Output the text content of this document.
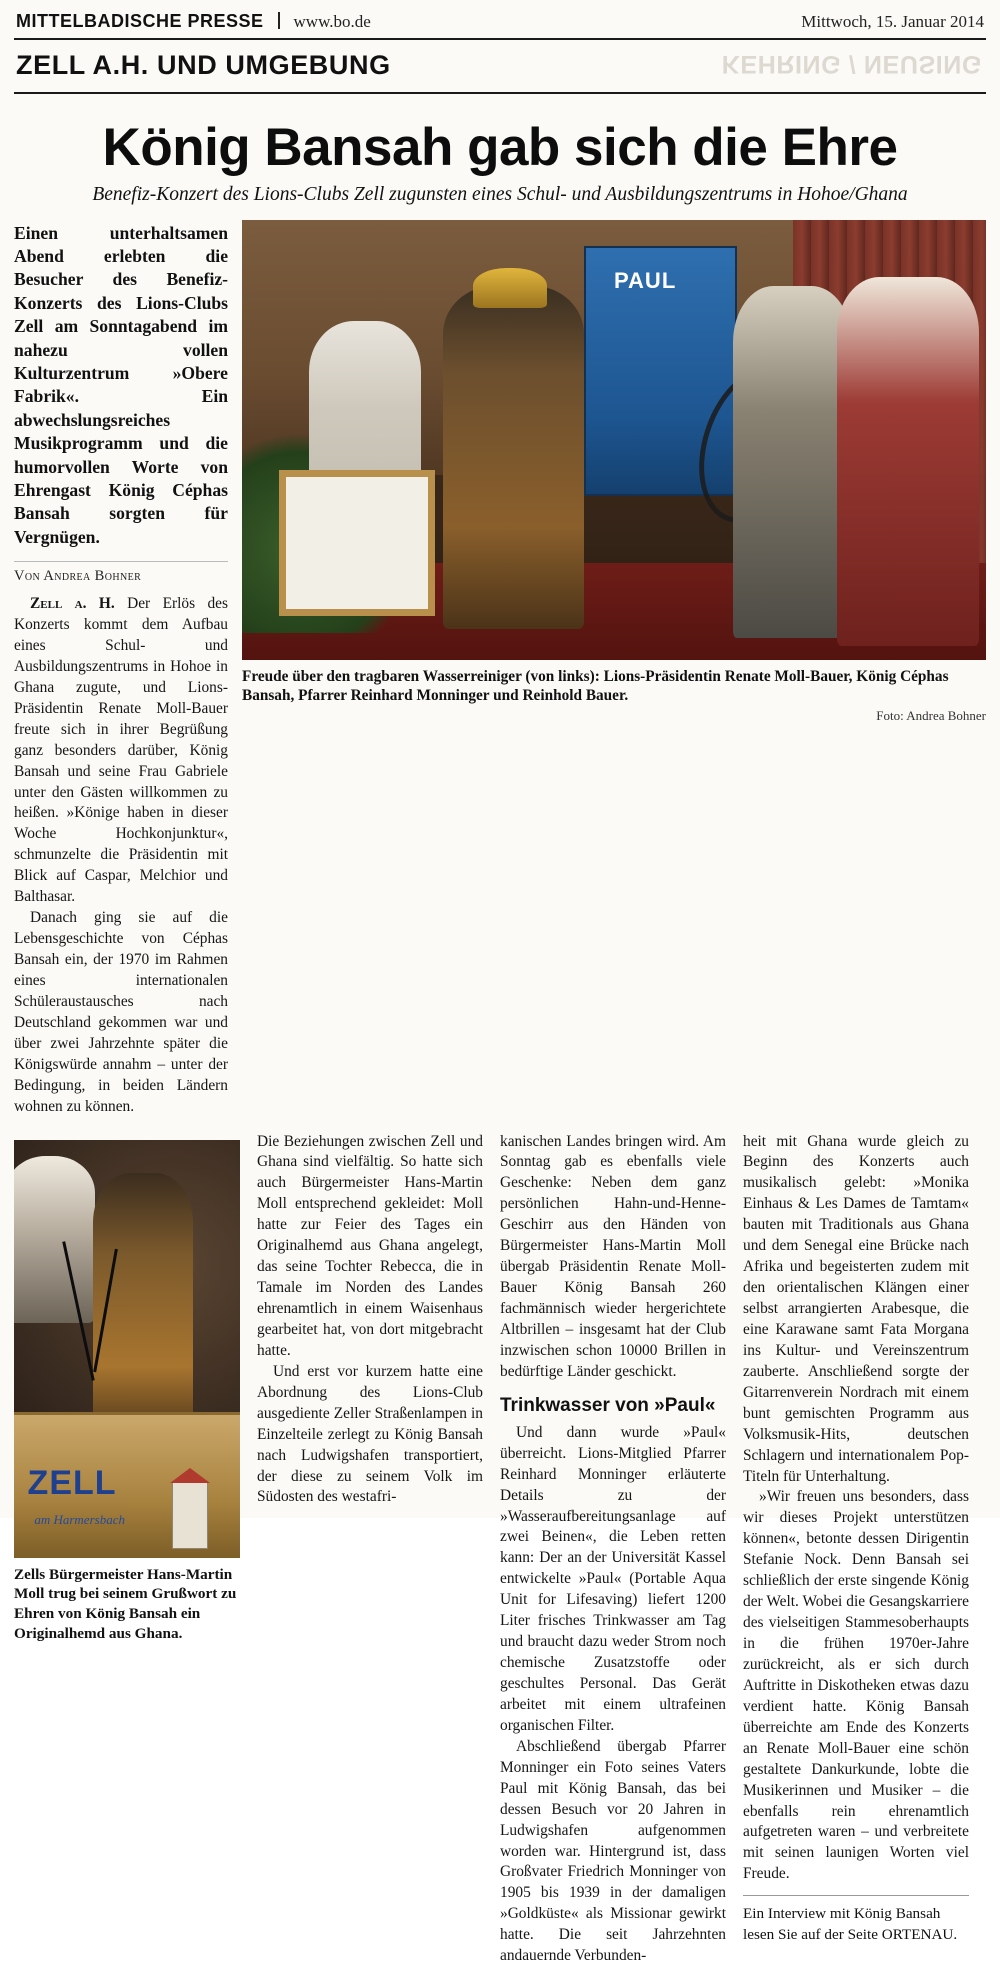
MITTELBADISCHE PRESSE www.bo.de	Mittwoch, 15. Januar 2014
ZELL A.H. UND UMGEBUNG	KEHRING / NEUSING
König Bansah gab sich die Ehre
Benefiz-Konzert des Lions-Clubs Zell zugunsten eines Schul- und Ausbildungszentrums in Hohoe/Ghana
Einen unterhaltsamen Abend erlebten die Besucher des Benefiz-Konzerts des Lions-Clubs Zell am Sonntagabend im nahezu vollen Kulturzentrum »Obere Fabrik«. Ein abwechslungsreiches Musikprogramm und die humorvollen Worte von Ehrengast König Céphas Bansah sorgten für Vergnügen.
Von Andrea Bohner

Zell a. H. Der Erlös des Konzerts kommt dem Aufbau eines Schul- und Ausbildungszentrums in Hohoe in Ghana zugute, und Lions-Präsidentin Renate Moll-Bauer freute sich in ihrer Begrüßung ganz besonders darüber, König Bansah und seine Frau Gabriele unter den Gästen willkommen zu heißen. »Könige haben in dieser Woche Hochkonjunktur«, schmunzelte die Präsidentin mit Blick auf Caspar, Melchior und Balthasar.

Danach ging sie auf die Lebensgeschichte von Céphas Bansah ein, der 1970 im Rahmen eines internationalen Schüleraustausches nach Deutschland gekommen war und über zwei Jahrzehnte später die Königswürde annahm – unter der Bedingung, in beiden Ländern wohnen zu können.

PAUL
Freude über den tragbaren Wasserreiniger (von links): Lions-Präsidentin Renate Moll-Bauer, König Céphas Bansah, Pfarrer Reinhard Monninger und Reinhold Bauer.
Foto: Andrea Bohner
ZELL
am Harmersbach
Zells Bürgermeister Hans-Martin Moll trug bei seinem Grußwort zu Ehren von König Bansah ein Originalhemd aus Ghana.

Die Beziehungen zwischen Zell und Ghana sind vielfältig. So hatte sich auch Bürgermeister Hans-Martin Moll entsprechend gekleidet: Moll hatte zur Feier des Tages ein Originalhemd aus Ghana angelegt, das seine Tochter Rebecca, die in Tamale im Norden des Landes ehrenamtlich in einem Waisenhaus gearbeitet hat, von dort mitgebracht hatte.

Und erst vor kurzem hatte eine Abordnung des Lions-Club ausgediente Zeller Straßenlampen in Einzelteile zerlegt zu König Bansah nach Ludwigshafen transportiert, der diese zu seinem Volk im Südosten des westafri-

kanischen Landes bringen wird. Am Sonntag gab es ebenfalls viele Geschenke: Neben dem ganz persönlichen Hahn-und-Henne-Geschirr aus den Händen von Bürgermeister Hans-Martin Moll übergab Präsidentin Renate Moll-Bauer König Bansah 260 fachmännisch wieder hergerichtete Altbrillen – insgesamt hat der Club inzwischen schon 10000 Brillen in bedürftige Länder geschickt.

Trinkwasser von »Paul«

Und dann wurde »Paul« überreicht. Lions-Mitglied Pfarrer Reinhard Monninger erläuterte Details zu der »Wasseraufbereitungsanlage auf zwei Beinen«, die Leben retten kann: Der an der Universität Kassel entwickelte »Paul« (Portable Aqua Unit for Lifesaving) liefert 1200 Liter frisches Trinkwasser am Tag und braucht dazu weder Strom noch chemische Zusatzstoffe oder geschultes Personal. Das Gerät arbeitet mit einem ultrafeinen organischen Filter.

Abschließend übergab Pfarrer Monninger ein Foto seines Vaters Paul mit König Bansah, das bei dessen Besuch vor 20 Jahren in Ludwigshafen aufgenommen worden war. Hintergrund ist, dass Großvater Friedrich Monninger von 1905 bis 1939 in der damaligen »Goldküste« als Missionar gewirkt hatte. Die seit Jahrzehnten andauernde Verbunden-

heit mit Ghana wurde gleich zu Beginn des Konzerts auch musikalisch gelebt: »Monika Einhaus & Les Dames de Tamtam« bauten mit Traditionals aus Ghana und dem Senegal eine Brücke nach Afrika und begeisterten zudem mit den orientalischen Klängen einer selbst arrangierten Arabesque, die eine Karawane samt Fata Morgana ins Kultur- und Vereinszentrum zauberte. Anschließend sorgte der Gitarrenverein Nordrach mit einem bunt gemischten Programm aus Volksmusik-Hits, deutschen Schlagern und internationalem Pop-Titeln für Unterhaltung.

»Wir freuen uns besonders, dass wir dieses Projekt unterstützen können«, betonte dessen Dirigentin Stefanie Nock. Denn Bansah sei schließlich der erste singende König der Welt. Wobei die Gesangskarriere des vielseitigen Stammesoberhaupts in die frühen 1970er-Jahre zurückreicht, als er sich durch Auftritte in Diskotheken etwas dazu verdient hatte. König Bansah überreichte am Ende des Konzerts an Renate Moll-Bauer eine schön gestaltete Dankurkunde, lobte die Musikerinnen und Musiker – die ebenfalls rein ehrenamtlich aufgetreten waren – und verbreitete mit seinen launigen Worten viel Freude.

Ein Interview mit König Bansah lesen Sie auf der Seite ORTENAU.
